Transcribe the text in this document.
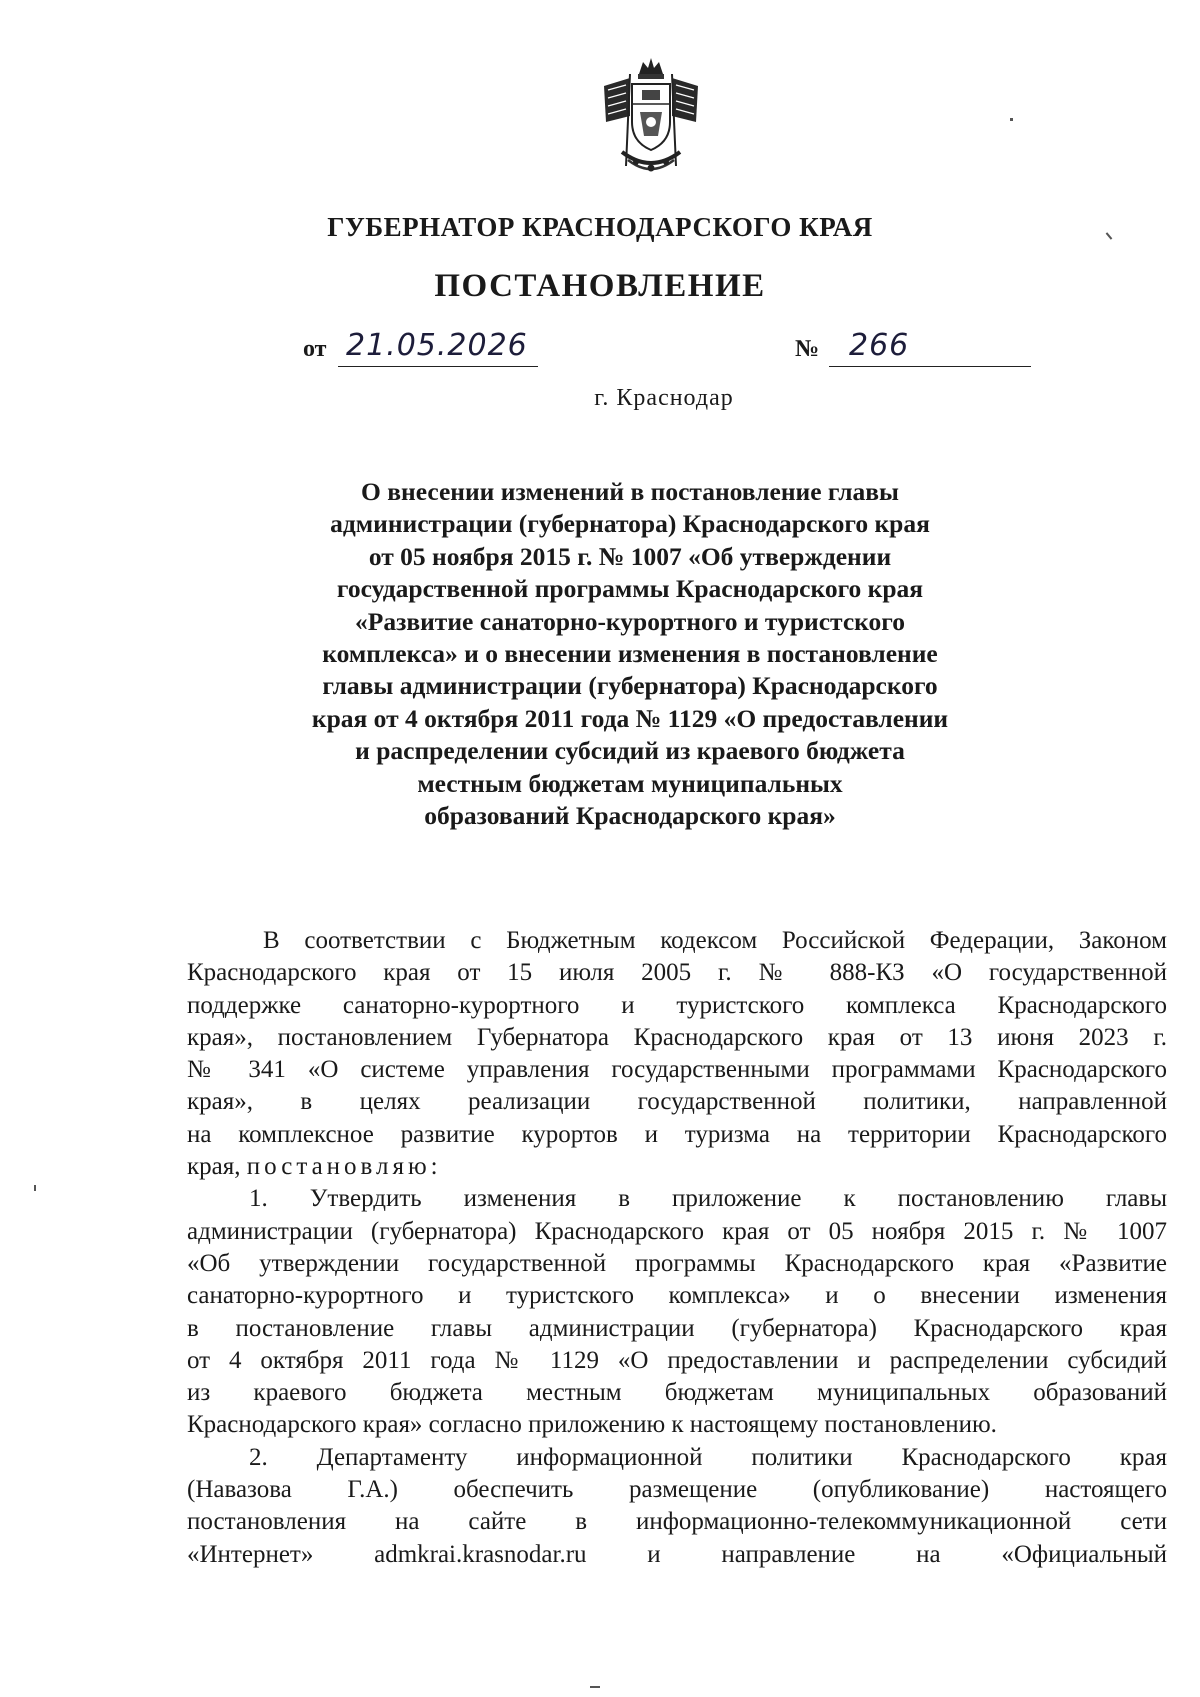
ГУБЕРНАТОР КРАСНОДАРСКОГО КРАЯ
ПОСТАНОВЛЕНИЕ
от 21.05.2026	№ 266
г. Краснодар
О внесении изменений в постановление главы
администрации (губернатора) Краснодарского края
от 05 ноября 2015 г. № 1007 «Об утверждении
государственной программы Краснодарского края
«Развитие санаторно-курортного и туристского
комплекса» и о внесении изменения в постановление
главы администрации (губернатора) Краснодарского
края от 4 октября 2011 года № 1129 «О предоставлении
и распределении субсидий из краевого бюджета
местным бюджетам муниципальных
образований Краснодарского края»
В соответствии с Бюджетным кодексом Российской Федерации, Законом
Краснодарского края от 15 июля 2005 г. № 888-КЗ «О государственной
поддержке санаторно-курортного и туристского комплекса Краснодарского
края», постановлением Губернатора Краснодарского края от 13 июня 2023 г.
№ 341 «О системе управления государственными программами Краснодарского
края», в целях реализации государственной политики, направленной
на комплексное развитие курортов и туризма на территории Краснодарского
края, постановляю:
1. Утвердить изменения в приложение к постановлению главы
администрации (губернатора) Краснодарского края от 05 ноября 2015 г. № 1007
«Об утверждении государственной программы Краснодарского края «Развитие
санаторно-курортного и туристского комплекса» и о внесении изменения
в постановление главы администрации (губернатора) Краснодарского края
от 4 октября 2011 года № 1129 «О предоставлении и распределении субсидий
из краевого бюджета местным бюджетам муниципальных образований
Краснодарского края» согласно приложению к настоящему постановлению.
2. Департаменту информационной политики Краснодарского края
(Навазова Г.А.) обеспечить размещение (опубликование) настоящего
постановления на сайте в информационно-телекоммуникационной сети
«Интернет» admkrai.krasnodar.ru и направление на «Официальный
